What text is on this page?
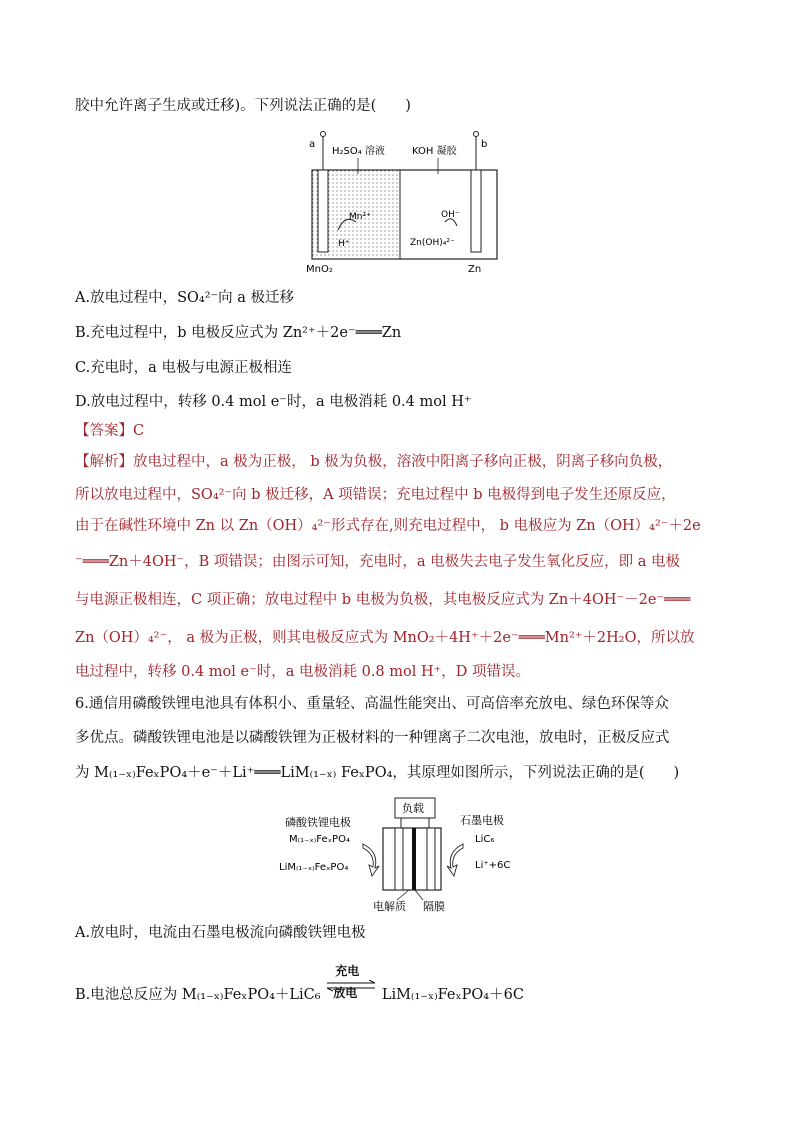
胶中允许离子生成或迁移)。下列说法正确的是(　　)
a	b
H₂SO₄ 溶液	KOH 凝胶
Mn²⁺
H⁺
OH⁻
Zn(OH)₄²⁻
MnO₂	Zn
A.放电过程中，SO₄²⁻向 a 极迁移
B.充电过程中，b 电极反应式为 Zn²⁺＋2e⁻═══Zn
C.充电时，a 电极与电源正极相连
D.放电过程中，转移 0.4 mol e⁻时，a 电极消耗 0.4 mol H⁺
【答案】C
【解析】放电过程中，a 极为正极， b 极为负极，溶液中阳离子移向正极，阴离子移向负极，
所以放电过程中，SO₄²⁻向 b 极迁移，A 项错误；充电过程中 b 电极得到电子发生还原反应，
由于在碱性环境中 Zn 以 Zn（OH）₄²⁻形式存在,则充电过程中， b 电极应为 Zn（OH）₄²⁻＋2e
⁻═══Zn＋4OH⁻，B 项错误；由图示可知，充电时，a 电极失去电子发生氧化反应，即 a 电极
与电源正极相连，C 项正确；放电过程中 b 电极为负极，其电极反应式为 Zn＋4OH⁻－2e⁻═══
Zn（OH）₄²⁻， a 极为正极，则其电极反应式为 MnO₂＋4H⁺＋2e⁻═══Mn²⁺＋2H₂O，所以放
电过程中，转移 0.4 mol e⁻时，a 电极消耗 0.8 mol H⁺，D 项错误。
6.通信用磷酸铁锂电池具有体积小、重量轻、高温性能突出、可高倍率充放电、绿色环保等众
多优点。磷酸铁锂电池是以磷酸铁锂为正极材料的一种锂离子二次电池，放电时，正极反应式
为 M₍₁₋ₓ₎FeₓPO₄＋e⁻＋Li⁺═══LiM₍₁₋ₓ₎ FeₓPO₄，其原理如图所示，下列说法正确的是(　　)
磷酸铁锂电极
M₍₁₋ₓ₎FeₓPO₄
LiM₍₁₋ₓ₎FeₓPO₄
负载
石墨电极
LiC₆
Li⁺+6C
电解质 隔膜
A.放电时，电流由石墨电极流向磷酸铁锂电极
B.电池总反应为 M₍₁₋ₓ₎FeₓPO₄＋LiC₆
充电
放电 LiM₍₁₋ₓ₎FeₓPO₄＋6C
